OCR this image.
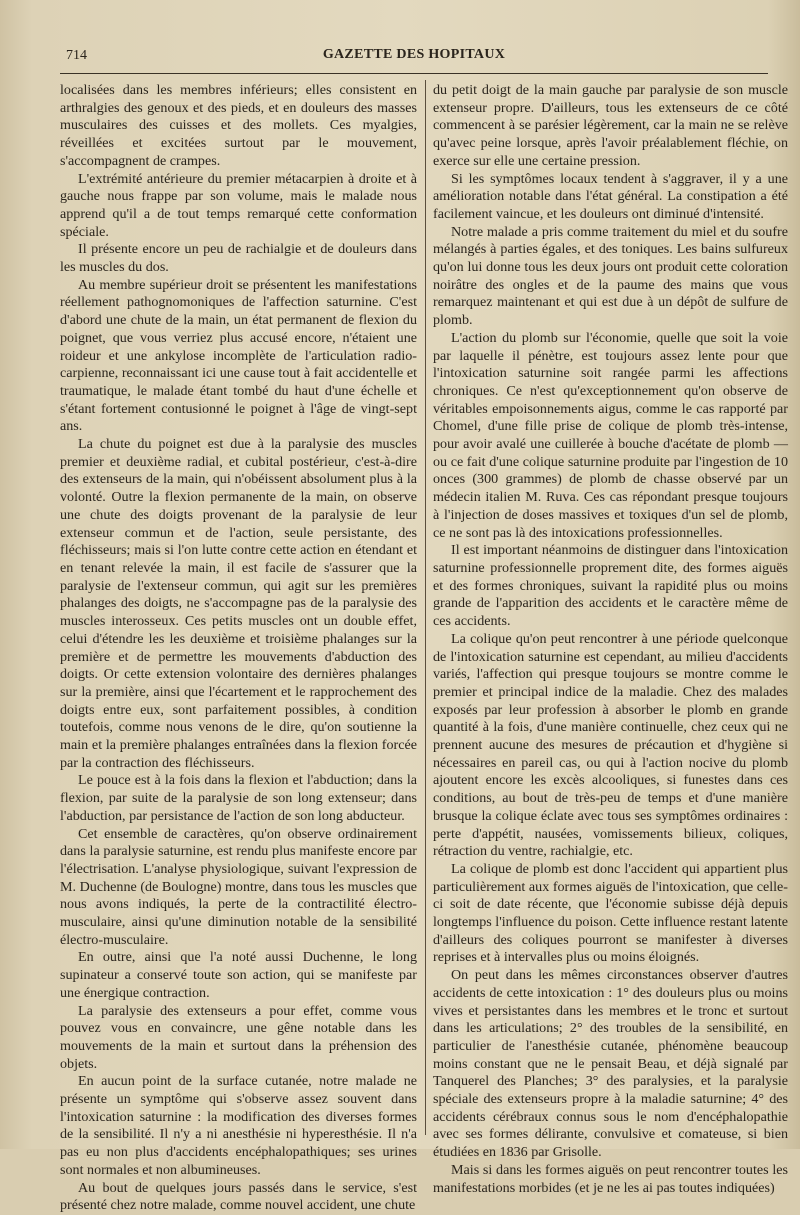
714	GAZETTE DES HOPITAUX

localisées dans les membres inférieurs; elles consistent en arthralgies des genoux et des pieds, et en douleurs des masses musculaires des cuisses et des mollets. Ces myalgies, réveillées et excitées surtout par le mouvement, s'accompagnent de crampes.

L'extrémité antérieure du premier métacarpien à droite et à gauche nous frappe par son volume, mais le malade nous apprend qu'il a de tout temps remarqué cette conformation spéciale.

Il présente encore un peu de rachialgie et de douleurs dans les muscles du dos.

Au membre supérieur droit se présentent les manifestations réellement pathognomoniques de l'affection saturnine. C'est d'abord une chute de la main, un état permanent de flexion du poignet, que vous verriez plus accusé encore, n'étaient une roideur et une ankylose incomplète de l'articulation radio-carpienne, reconnaissant ici une cause tout à fait accidentelle et traumatique, le malade étant tombé du haut d'une échelle et s'étant fortement contusionné le poignet à l'âge de vingt-sept ans.

La chute du poignet est due à la paralysie des muscles premier et deuxième radial, et cubital postérieur, c'est-à-dire des extenseurs de la main, qui n'obéissent absolument plus à la volonté. Outre la flexion permanente de la main, on observe une chute des doigts provenant de la paralysie de leur extenseur commun et de l'action, seule persistante, des fléchisseurs; mais si l'on lutte contre cette action en étendant et en tenant relevée la main, il est facile de s'assurer que la paralysie de l'extenseur commun, qui agit sur les premières phalanges des doigts, ne s'accompagne pas de la paralysie des muscles interosseux. Ces petits muscles ont un double effet, celui d'étendre les les deuxième et troisième phalanges sur la première et de permettre les mouvements d'abduction des doigts. Or cette extension volontaire des dernières phalanges sur la première, ainsi que l'écartement et le rapprochement des doigts entre eux, sont parfaitement possibles, à condition toutefois, comme nous venons de le dire, qu'on soutienne la main et la première phalanges entraînées dans la flexion forcée par la contraction des fléchisseurs.

Le pouce est à la fois dans la flexion et l'abduction; dans la flexion, par suite de la paralysie de son long extenseur; dans l'abduction, par persistance de l'action de son long abducteur.

Cet ensemble de caractères, qu'on observe ordinairement dans la paralysie saturnine, est rendu plus manifeste encore par l'électrisation. L'analyse physiologique, suivant l'expression de M. Duchenne (de Boulogne) montre, dans tous les muscles que nous avons indiqués, la perte de la contractilité électro-musculaire, ainsi qu'une diminution notable de la sensibilité électro-musculaire.

En outre, ainsi que l'a noté aussi Duchenne, le long supinateur a conservé toute son action, qui se manifeste par une énergique contraction.

La paralysie des extenseurs a pour effet, comme vous pouvez vous en convaincre, une gêne notable dans les mouvements de la main et surtout dans la préhension des objets.

En aucun point de la surface cutanée, notre malade ne présente un symptôme qui s'observe assez souvent dans l'intoxication saturnine : la modification des diverses formes de la sensibilité. Il n'y a ni anesthésie ni hyperesthésie. Il n'a pas eu non plus d'accidents encéphalopathiques; ses urines sont normales et non albumineuses.

Au bout de quelques jours passés dans le service, s'est présenté chez notre malade, comme nouvel accident, une chute

du petit doigt de la main gauche par paralysie de son muscle extenseur propre. D'ailleurs, tous les extenseurs de ce côté commencent à se parésier légèrement, car la main ne se relève qu'avec peine lorsque, après l'avoir préalablement fléchie, on exerce sur elle une certaine pression.

Si les symptômes locaux tendent à s'aggraver, il y a une amélioration notable dans l'état général. La constipation a été facilement vaincue, et les douleurs ont diminué d'intensité.

Notre malade a pris comme traitement du miel et du soufre mélangés à parties égales, et des toniques. Les bains sulfureux qu'on lui donne tous les deux jours ont produit cette coloration noirâtre des ongles et de la paume des mains que vous remarquez maintenant et qui est due à un dépôt de sulfure de plomb.

L'action du plomb sur l'économie, quelle que soit la voie par laquelle il pénètre, est toujours assez lente pour que l'intoxication saturnine soit rangée parmi les affections chroniques. Ce n'est qu'exceptionnement qu'on observe de véritables empoisonnements aigus, comme le cas rapporté par Chomel, d'une fille prise de colique de plomb très-intense, pour avoir avalé une cuillerée à bouche d'acétate de plomb — ou ce fait d'une colique saturnine produite par l'ingestion de 10 onces (300 grammes) de plomb de chasse observé par un médecin italien M. Ruva. Ces cas répondant presque toujours à l'injection de doses massives et toxiques d'un sel de plomb, ce ne sont pas là des intoxications professionnelles.

Il est important néanmoins de distinguer dans l'intoxication saturnine professionnelle proprement dite, des formes aiguës et des formes chroniques, suivant la rapidité plus ou moins grande de l'apparition des accidents et le caractère même de ces accidents.

La colique qu'on peut rencontrer à une période quelconque de l'intoxication saturnine est cependant, au milieu d'accidents variés, l'affection qui presque toujours se montre comme le premier et principal indice de la maladie. Chez des malades exposés par leur profession à absorber le plomb en grande quantité à la fois, d'une manière continuelle, chez ceux qui ne prennent aucune des mesures de précaution et d'hygiène si nécessaires en pareil cas, ou qui à l'action nocive du plomb ajoutent encore les excès alcooliques, si funestes dans ces conditions, au bout de très-peu de temps et d'une manière brusque la colique éclate avec tous ses symptômes ordinaires : perte d'appétit, nausées, vomissements bilieux, coliques, rétraction du ventre, rachialgie, etc.

La colique de plomb est donc l'accident qui appartient plus particulièrement aux formes aiguës de l'intoxication, que celle-ci soit de date récente, que l'économie subisse déjà depuis longtemps l'influence du poison. Cette influence restant latente d'ailleurs des coliques pourront se manifester à diverses reprises et à intervalles plus ou moins éloignés.

On peut dans les mêmes circonstances observer d'autres accidents de cette intoxication : 1° des douleurs plus ou moins vives et persistantes dans les membres et le tronc et surtout dans les articulations; 2° des troubles de la sensibilité, en particulier de l'anesthésie cutanée, phénomène beaucoup moins constant que ne le pensait Beau, et déjà signalé par Tanquerel des Planches; 3° des paralysies, et la paralysie spéciale des extenseurs propre à la maladie saturnine; 4° des accidents cérébraux connus sous le nom d'encéphalopathie avec ses formes délirante, convulsive et comateuse, si bien étudiées en 1836 par Grisolle.

Mais si dans les formes aiguës on peut rencontrer toutes les manifestations morbides (et je ne les ai pas toutes indiquées)
